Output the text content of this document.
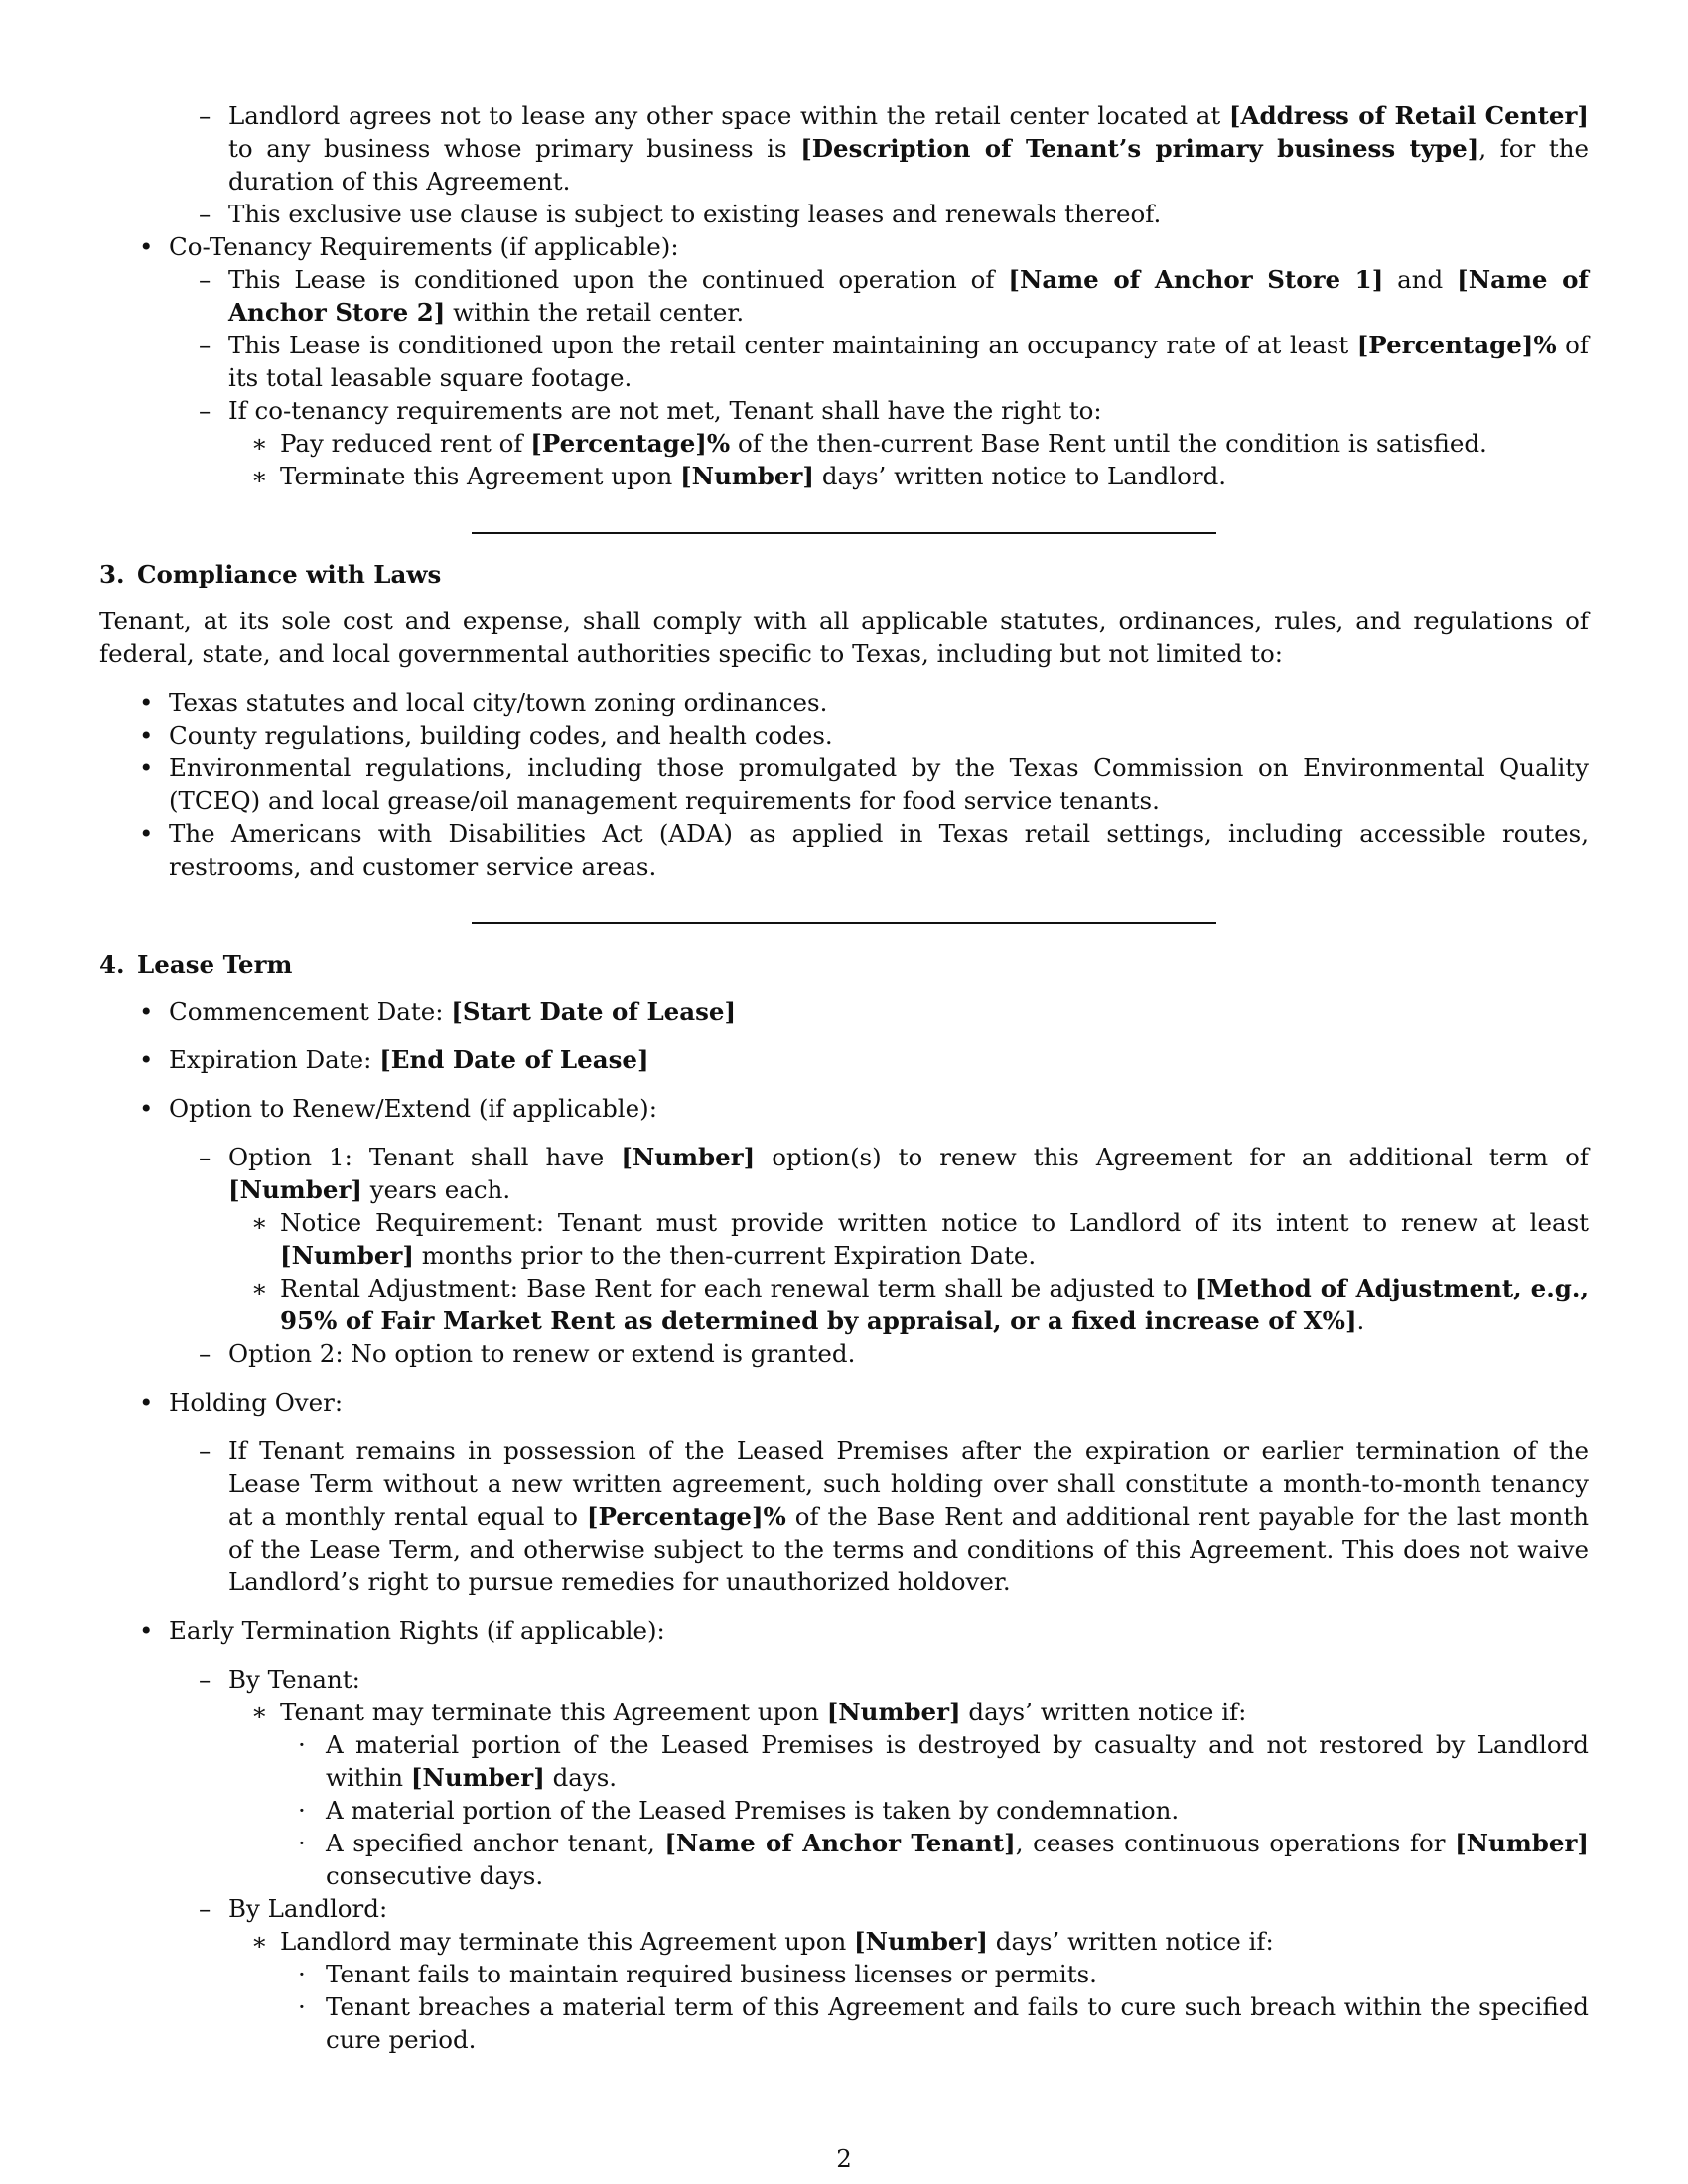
– Landlord agrees not to lease any other space within the retail center located at [Address of Retail Center] to any business whose primary business is [Description of Tenant’s primary business type], for the duration of this Agreement.
– This exclusive use clause is subject to existing leases and renewals thereof.
• Co-Tenancy Requirements (if applicable):
– This Lease is conditioned upon the continued operation of [Name of Anchor Store 1] and [Name of Anchor Store 2] within the retail center.
– This Lease is conditioned upon the retail center maintaining an occupancy rate of at least [Percentage]% of its total leasable square footage.
– If co-tenancy requirements are not met, Tenant shall have the right to:
∗ Pay reduced rent of [Percentage]% of the then-current Base Rent until the condition is satisfied.
∗ Terminate this Agreement upon [Number] days’ written notice to Landlord.
3. Compliance with Laws

Tenant, at its sole cost and expense, shall comply with all applicable statutes, ordinances, rules, and regulations of federal, state, and local governmental authorities specific to Texas, including but not limited to:

• Texas statutes and local city/town zoning ordinances.
• County regulations, building codes, and health codes.
• Environmental regulations, including those promulgated by the Texas Commission on Environmental Quality (TCEQ) and local grease/oil management requirements for food service tenants.
• The Americans with Disabilities Act (ADA) as applied in Texas retail settings, including accessible routes, restrooms, and customer service areas.
4. Lease Term
• Commencement Date: [Start Date of Lease]
• Expiration Date: [End Date of Lease]
• Option to Renew/Extend (if applicable):
– Option 1: Tenant shall have [Number] option(s) to renew this Agreement for an additional term of [Number] years each.
∗ Notice Requirement: Tenant must provide written notice to Landlord of its intent to renew at least [Number] months prior to the then-current Expiration Date.
∗ Rental Adjustment: Base Rent for each renewal term shall be adjusted to [Method of Adjustment, e.g., 95% of Fair Market Rent as determined by appraisal, or a fixed increase of X%].
– Option 2: No option to renew or extend is granted.
• Holding Over:
– If Tenant remains in possession of the Leased Premises after the expiration or earlier termination of the Lease Term without a new written agreement, such holding over shall constitute a month-to-month tenancy at a monthly rental equal to [Percentage]% of the Base Rent and additional rent payable for the last month of the Lease Term, and otherwise subject to the terms and conditions of this Agreement. This does not waive Landlord’s right to pursue remedies for unauthorized holdover.
• Early Termination Rights (if applicable):
– By Tenant:
∗ Tenant may terminate this Agreement upon [Number] days’ written notice if:
· A material portion of the Leased Premises is destroyed by casualty and not restored by Landlord within [Number] days.
· A material portion of the Leased Premises is taken by condemnation.
· A specified anchor tenant, [Name of Anchor Tenant], ceases continuous operations for [Number] consecutive days.
– By Landlord:
∗ Landlord may terminate this Agreement upon [Number] days’ written notice if:
· Tenant fails to maintain required business licenses or permits.
· Tenant breaches a material term of this Agreement and fails to cure such breach within the specified cure period.
2
